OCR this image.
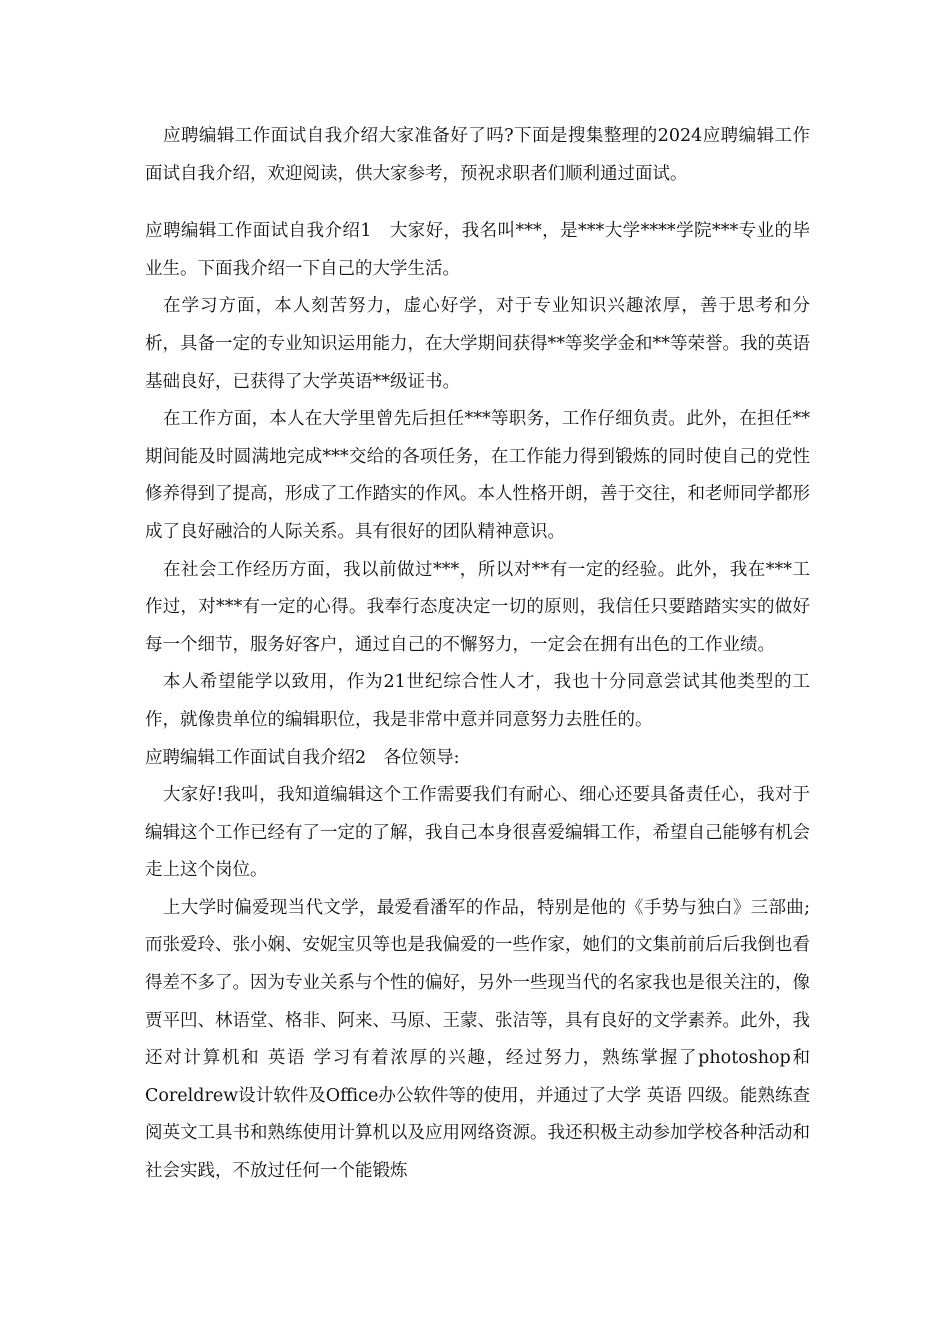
应聘编辑工作面试自我介绍大家准备好了吗?下面是搜集整理的2024应聘编辑工作面试自我介绍，欢迎阅读，供大家参考，预祝求职者们顺利通过面试。

应聘编辑工作面试自我介绍1　大家好，我名叫***，是***大学****学院***专业的毕业生。下面我介绍一下自己的大学生活。

在学习方面，本人刻苦努力，虚心好学，对于专业知识兴趣浓厚，善于思考和分析，具备一定的专业知识运用能力，在大学期间获得**等奖学金和**等荣誉。我的英语基础良好，已获得了大学英语**级证书。

在工作方面，本人在大学里曾先后担任***等职务，工作仔细负责。此外，在担任**期间能及时圆满地完成***交给的各项任务，在工作能力得到锻炼的同时使自己的党性修养得到了提高，形成了工作踏实的作风。本人性格开朗，善于交往，和老师同学都形成了良好融洽的人际关系。具有很好的团队精神意识。

在社会工作经历方面，我以前做过***，所以对**有一定的经验。此外，我在***工作过，对***有一定的心得。我奉行态度决定一切的原则，我信任只要踏踏实实的做好每一个细节，服务好客户，通过自己的不懈努力，一定会在拥有出色的工作业绩。

本人希望能学以致用，作为21世纪综合性人才，我也十分同意尝试其他类型的工作，就像贵单位的编辑职位，我是非常中意并同意努力去胜任的。

应聘编辑工作面试自我介绍2　各位领导:

大家好!我叫，我知道编辑这个工作需要我们有耐心、细心还要具备责任心，我对于编辑这个工作已经有了一定的了解，我自己本身很喜爱编辑工作，希望自己能够有机会走上这个岗位。

上大学时偏爱现当代文学，最爱看潘军的作品，特别是他的《手势与独白》三部曲;而张爱玲、张小娴、安妮宝贝等也是我偏爱的一些作家，她们的文集前前后后我倒也看得差不多了。因为专业关系与个性的偏好，另外一些现当代的名家我也是很关注的，像贾平凹、林语堂、格非、阿来、马原、王蒙、张洁等，具有良好的文学素养。此外，我还对计算机和 英语 学习有着浓厚的兴趣，经过努力，熟练掌握了photoshop和Coreldrew设计软件及Office办公软件等的使用，并通过了大学 英语 四级。能熟练查阅英文工具书和熟练使用计算机以及应用网络资源。我还积极主动参加学校各种活动和社会实践，不放过任何一个能锻炼
